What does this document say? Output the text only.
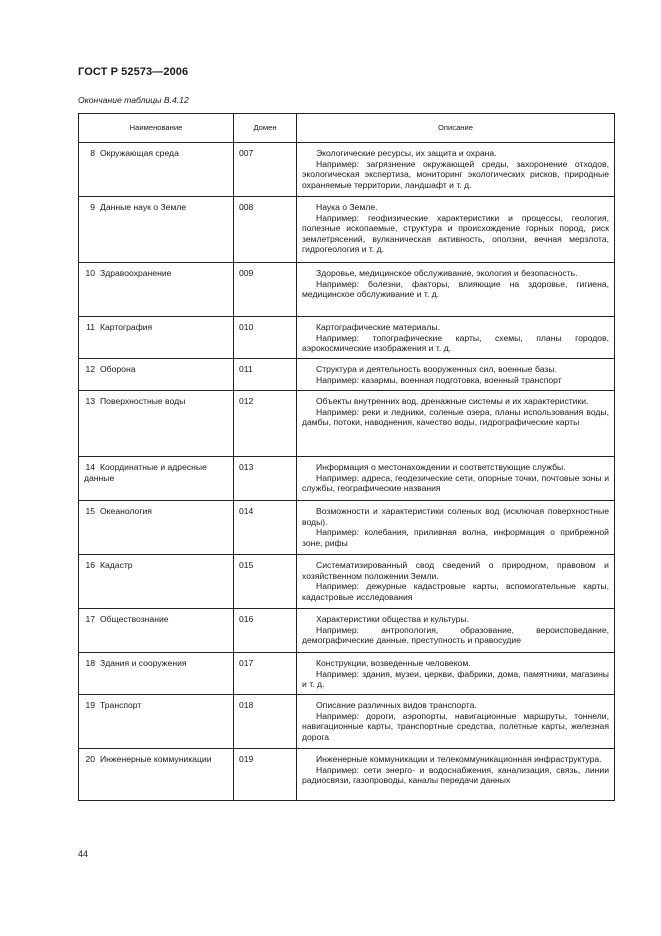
ГОСТ Р 52573—2006
Окончание таблицы В.4.12
Наименование	Домен	Описание
8 Окружающая среда	007	Экологические ресурсы, их защита и охрана.

Например: загрязнение окружающей среды, захоронение отходов, экологическая экспертиза, мониторинг экологических рисков, природные охраняемые территории, ландшафт и т. д.

9 Данные наук о Земле	008	Наука о Земле.

Например: геофизические характеристики и процессы, геология, полезные ископаемые, структура и происхождение горных пород, риск землетрясений, вулканическая активность, оползни, вечная мерзлота, гидрогеология и т. д.

10 Здравоохранение	009	Здоровье, медицинское обслуживание, экология и безопасность.

Например: болезни, факторы, влияющие на здоровье, гигиена, медицинское обслуживание и т. д.

11 Картография	010	Картографические материалы.

Например: топографические карты, схемы, планы городов, аэрокосмические изображения и т. д.

12 Оборона	011	Структура и деятельность вооруженных сил, военные базы.

Например: казармы, военная подготовка, военный транспорт

13 Поверхностные воды	012	Объекты внутренних вод, дренажные системы и их характеристики.

Например: реки и ледники, соленые озера, планы использования воды, дамбы, потоки, наводнения, качество воды, гидрографические карты

14 Координатные и адресные данные	013	Информация о местонахождении и соответствующие службы.

Например: адреса, геодезические сети, опорные точки, почтовые зоны и службы, географические названия

15 Океанология	014	Возможности и характеристики соленых вод (исключая поверхностные воды).

Например: колебания, приливная волна, информация о прибрежной зоне, рифы

16 Кадастр	015	Систематизированный свод сведений о природном, правовом и хозяйственном положении Земли.

Например: дежурные кадастровые карты, вспомогательные карты, кадастровые исследования

17 Обществознание	016	Характеристики общества и культуры.

Например: антропология, образование, вероисповедание, демографические данные, преступность и правосудие

18 Здания и сооружения	017	Конструкции, возведенные человеком.

Например: здания, музеи, церкви, фабрики, дома, памятники, магазины и т. д.

19 Транспорт	018	Описание различных видов транспорта.

Например: дороги, аэропорты, навигационные маршруты, тоннели, навигационные карты, транспортные средства, полетные карты, железная дорога

20 Инженерные коммуникации	019	Инженерные коммуникации и телекоммуникационная инфраструктура.

Например: сети энерго- и водоснабжения, канализация, связь, линии радиосвязи, газопроводы, каналы передачи данных

44
